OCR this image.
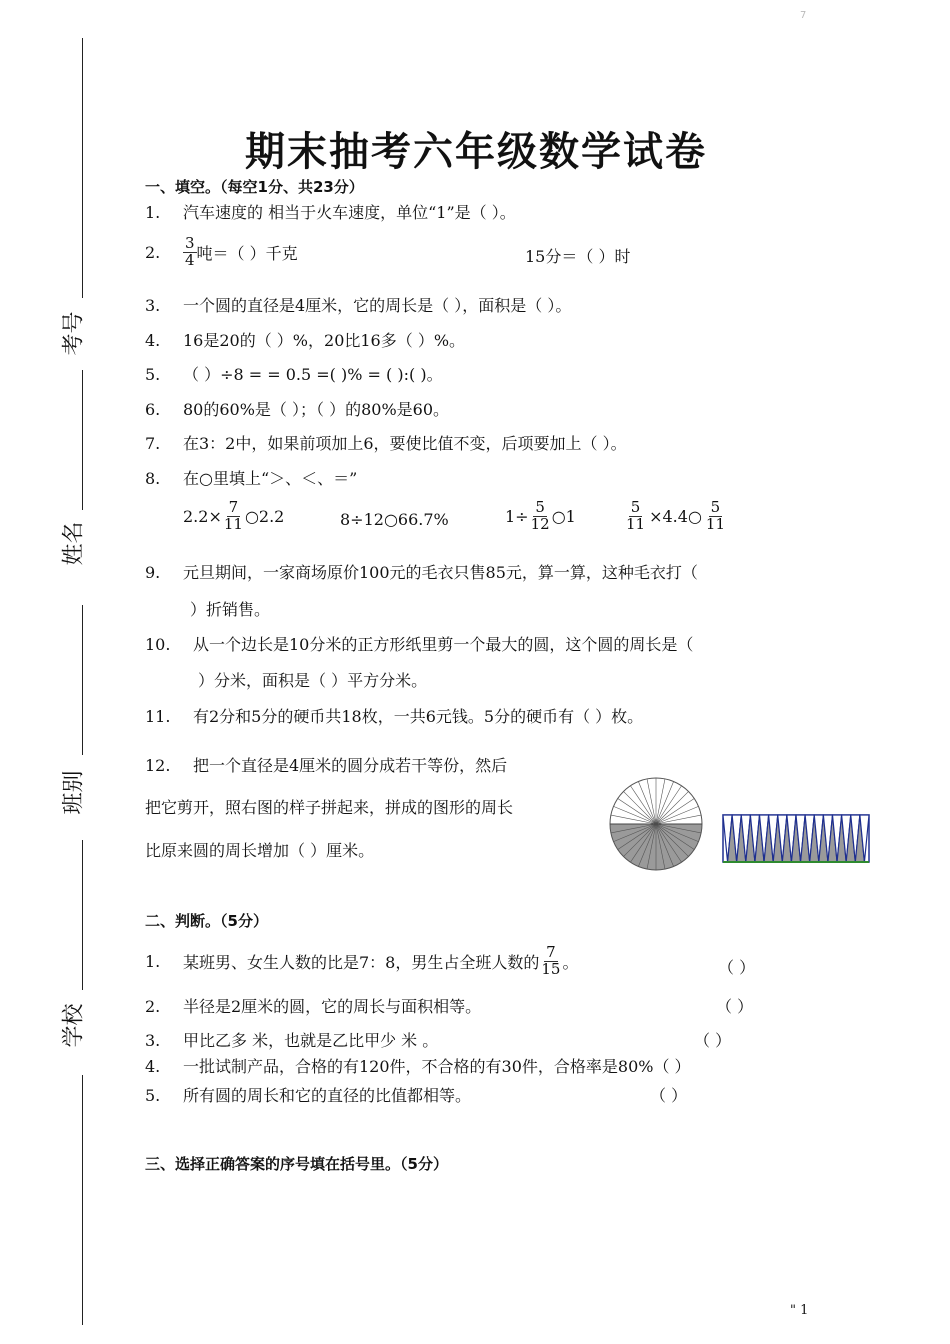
7
考号
姓名
班别
学校
期末抽考六年级数学试卷
一、填空。（每空1分、共23分）
1. 汽车速度的 相当于火车速度，单位“1”是（ ）。
2.	$\frac{3}{4}$ 吨＝（ ）千克	15分＝（ ）时
3. 一个圆的直径是4厘米，它的周长是（ ），面积是（ ）。
4. 16是20的（ ）%，20比16多（ ）%。
5. （ ）÷8 = = 0.5 =( )% = ( ):( )。
6. 80的60%是（ ）；（ ）的80%是60。
7. 在3：2中，如果前项加上6，要使比值不变，后项要加上（ ）。
8. 在○里填上“＞、＜、＝”
$2.2\times \frac{7}{11}$ ○2.2	8÷12○66.7%	$1\div \frac{5}{12}$ ○1	$\frac{5}{11}$ ×4.4○ $\frac{5}{11}$
9. 元旦期间，一家商场原价100元的毛衣只售85元，算一算，这种毛衣打（
）折销售。
10. 从一个边长是10分米的正方形纸里剪一个最大的圆，这个圆的周长是（
）分米，面积是（ ）平方分米。
11. 有2分和5分的硬币共18枚，一共6元钱。5分的硬币有（ ）枚。
12. 把一个直径是4厘米的圆分成若干等份，然后
把它剪开，照右图的样子拼起来，拼成的图形的周长
比原来圆的周长增加（ ）厘米。
二、判断。（5分）
1.	某班男、女生人数的比是7：8，男生占全班人数的 $\frac{7}{15}$ 。	（ ）
2. 半径是2厘米的圆，它的周长与面积相等。	（ ）
3. 甲比乙多 米，也就是乙比甲少 米 。	（ ）
4. 一批试制产品，合格的有120件，不合格的有30件，合格率是80%（ ）
5. 所有圆的周长和它的直径的比值都相等。	（ ）
三、选择正确答案的序号填在括号里。（5分）
" 1
